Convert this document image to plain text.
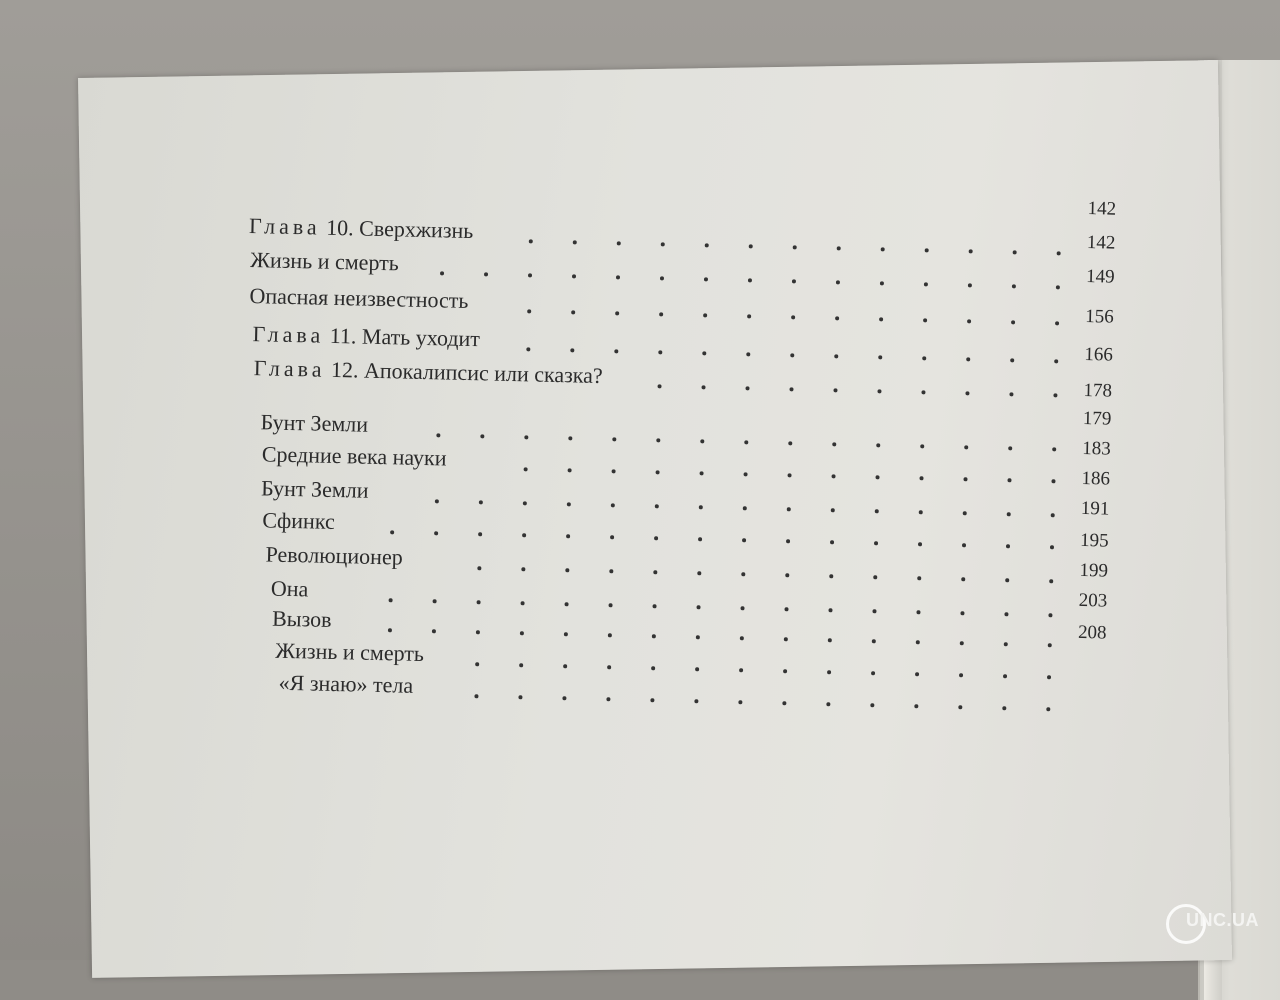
Глава 10. Сверхжизнь
142
Жизнь и смерть
142
Опасная неизвестность
149
Глава 11. Мать уходит
156
Глава 12. Апокалипсис или сказка?
166
Бунт Земли
178
Средние века науки
179
Бунт Земли
183
Сфинкс
186
Революционер
191
Она
195
Вызов
199
Жизнь и смерть
203
«Я знаю» тела
208
UNC.UA
